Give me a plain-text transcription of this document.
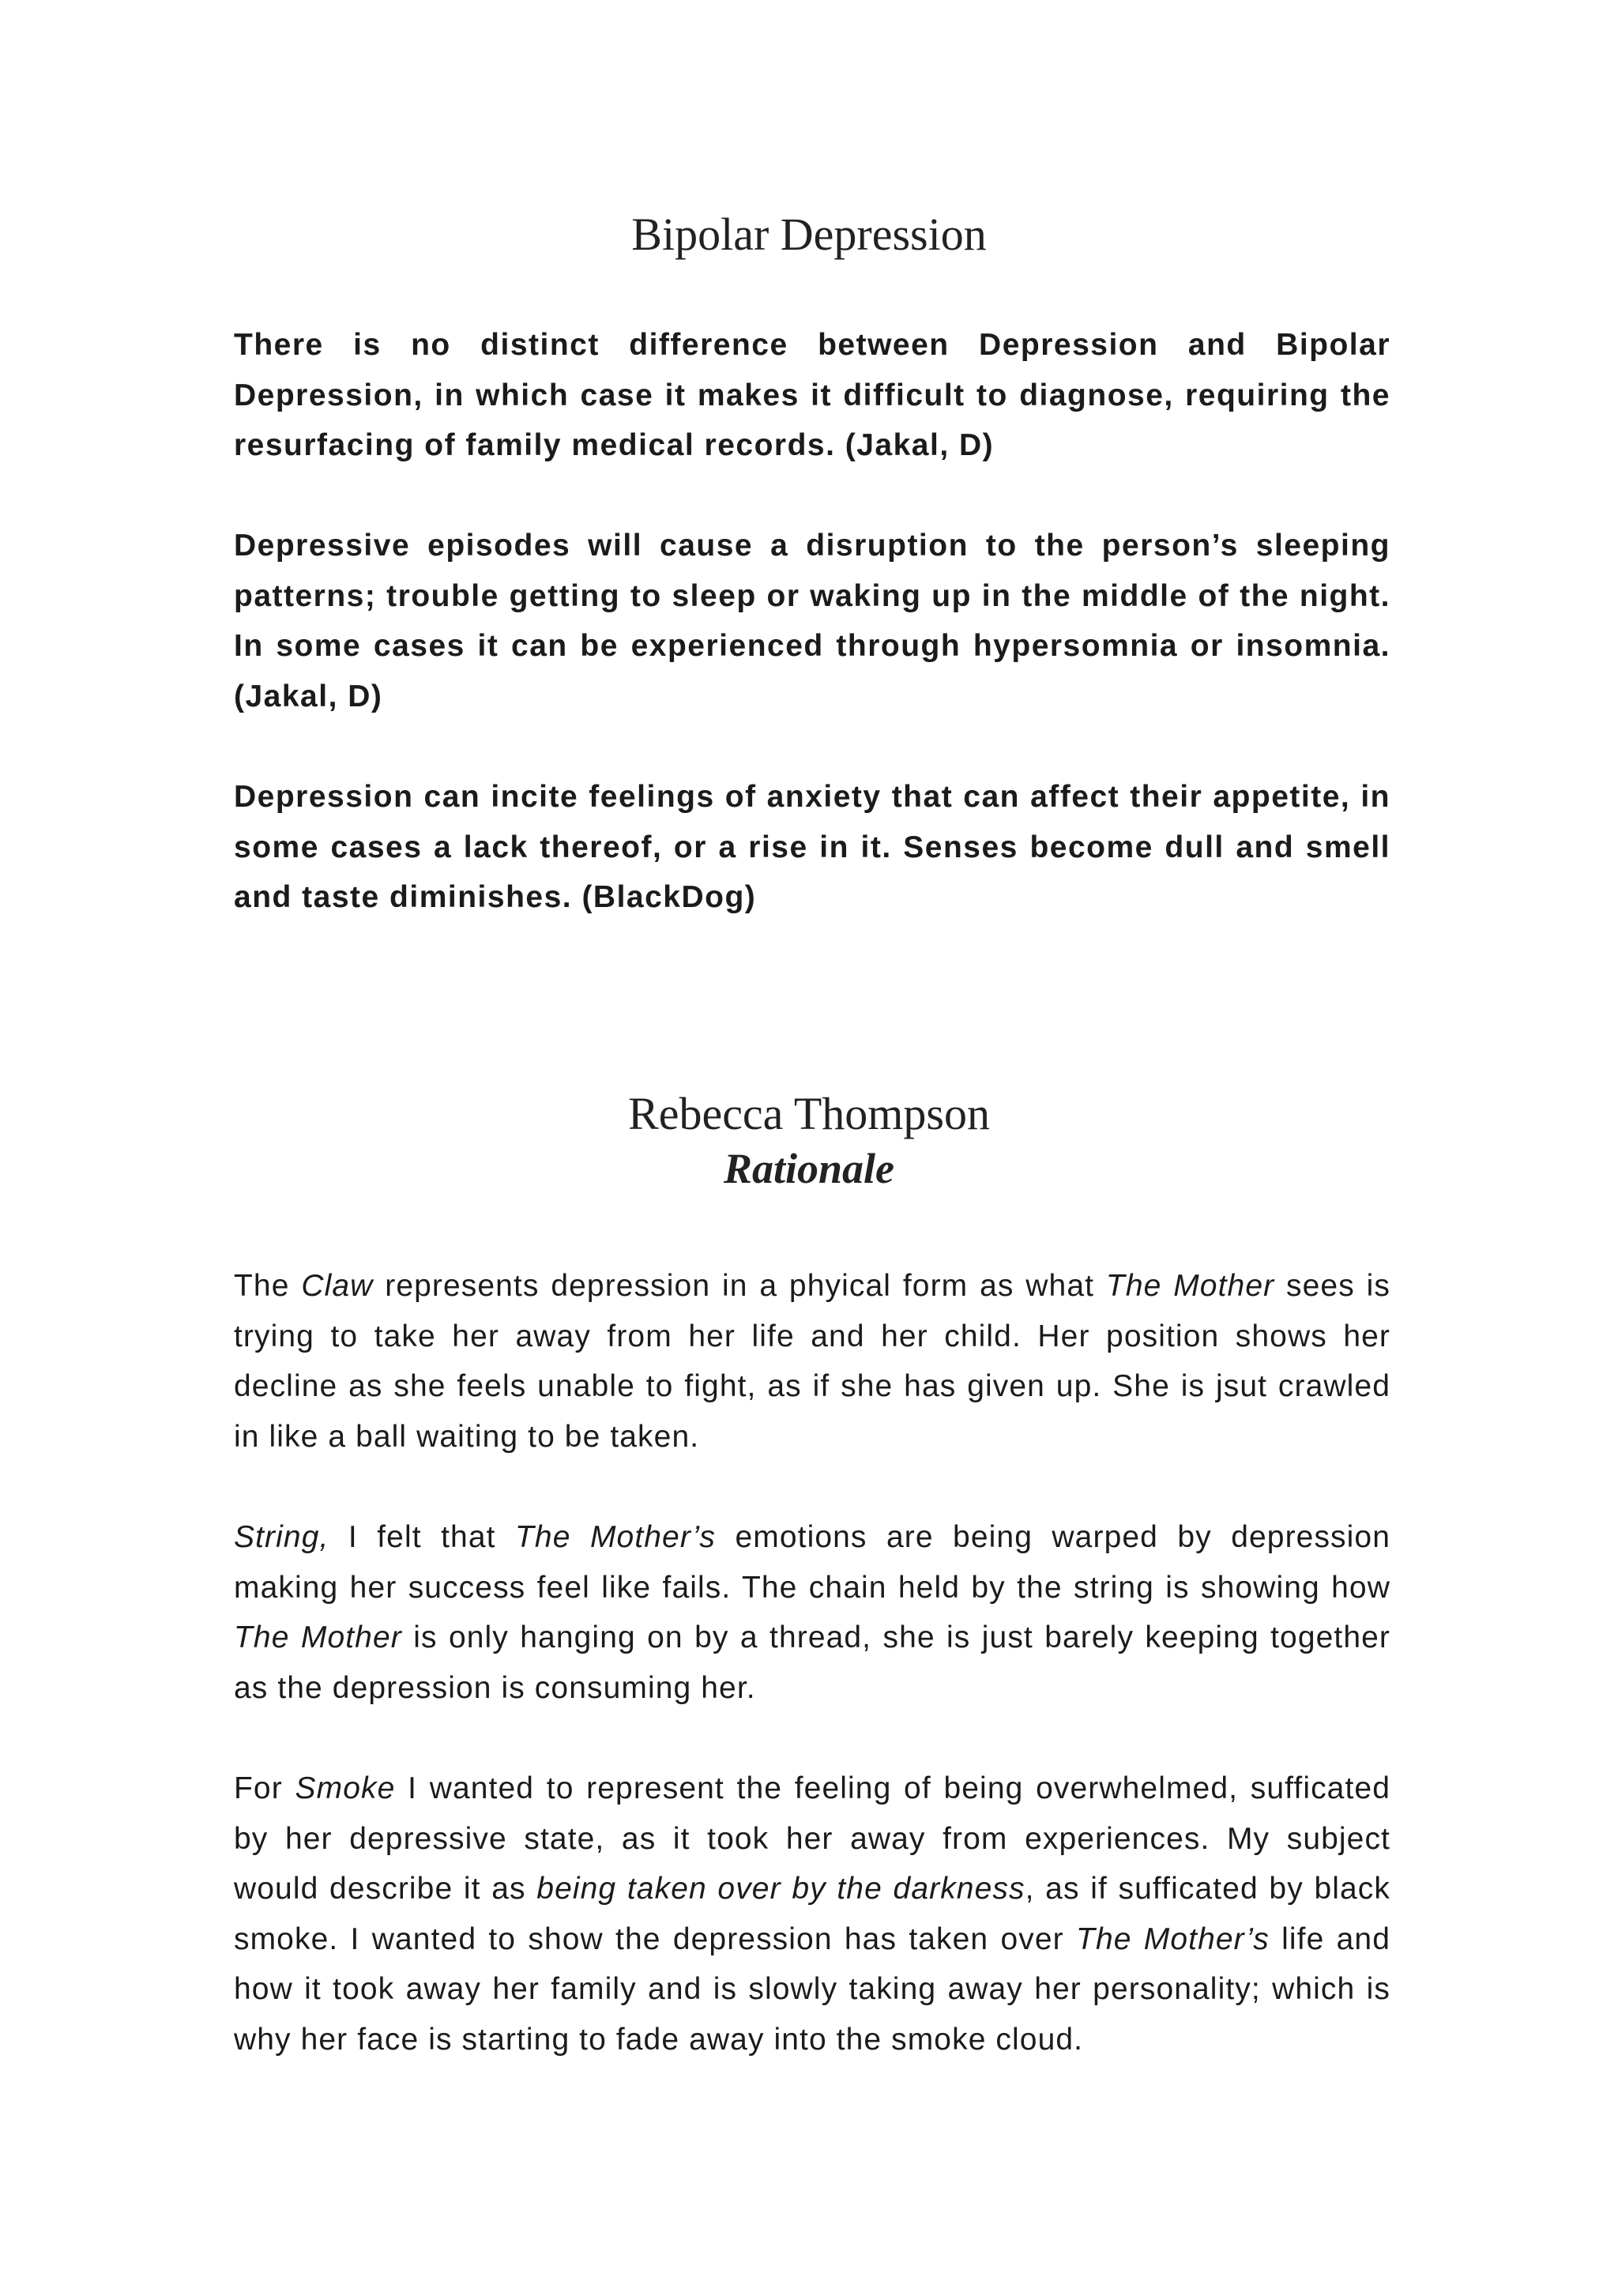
Bipolar Depression

There is no distinct difference between Depression and Bipolar Depression, in which case it makes it difficult to diagnose, requiring the resurfacing of family medical records. (Jakal, D)

Depressive episodes will cause a disruption to the person’s sleeping patterns; trouble getting to sleep or waking up in the middle of the night. In some cases it can be experienced through hypersomnia or insomnia. (Jakal, D)

Depression can incite feelings of anxiety that can affect their appetite, in some cases a lack thereof, or a rise in it. Senses become dull and smell and taste diminishes. (BlackDog)

Rebecca Thompson
Rationale

The Claw represents depression in a phyical form as what The Mother sees is trying to take her away from her life and her child. Her position shows her decline as she feels unable to fight, as if she has given up. She is jsut crawled in like a ball waiting to be taken.

String, I felt that The Mother’s emotions are being warped by depression making her success feel like fails. The chain held by the string is showing how The Mother is only hanging on by a thread, she is just barely keeping together as the depression is consuming her.

For Smoke I wanted to represent the feeling of being overwhelmed, sufficated by her depressive state, as it took her away from experiences. My subject would describe it as being taken over by the darkness, as if sufficated by black smoke. I wanted to show the depression has taken over The Mother’s life and how it took away her family and is slowly taking away her personality; which is why her face is starting to fade away into the smoke cloud.
